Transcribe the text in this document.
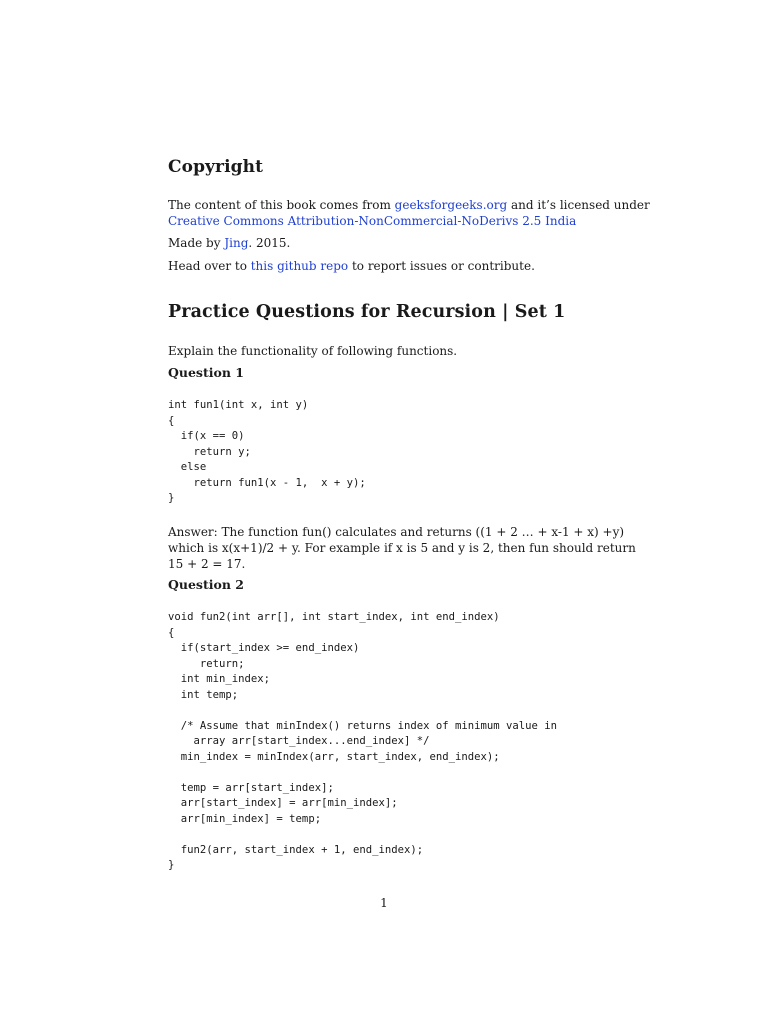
Copyright

The content of this book comes from geeksforgeeks.org and it’s licensed under

Creative Commons Attribution-NonCommercial-NoDerivs 2.5 India

Made by Jing. 2015.

Head over to this github repo to report issues or contribute.

Practice Questions for Recursion | Set 1

Explain the functionality of following functions.

Question 1
int fun1(int x, int y)
{
if(x == 0)
return y;
else
return fun1(x - 1,  x + y);
}

Answer: The function fun() calculates and returns ((1 + 2 … + x-1 + x) +y)

which is x(x+1)/2 + y. For example if x is 5 and y is 2, then fun should return

15 + 2 = 17.

Question 2
void fun2(int arr[], int start_index, int end_index)
{
if(start_index >= end_index)
return;
int min_index;
int temp;

/* Assume that minIndex() returns index of minimum value in
array arr[start_index...end_index] */
min_index = minIndex(arr, start_index, end_index);

temp = arr[start_index];
arr[start_index] = arr[min_index];
arr[min_index] = temp;

fun2(arr, start_index + 1, end_index);
}
1
